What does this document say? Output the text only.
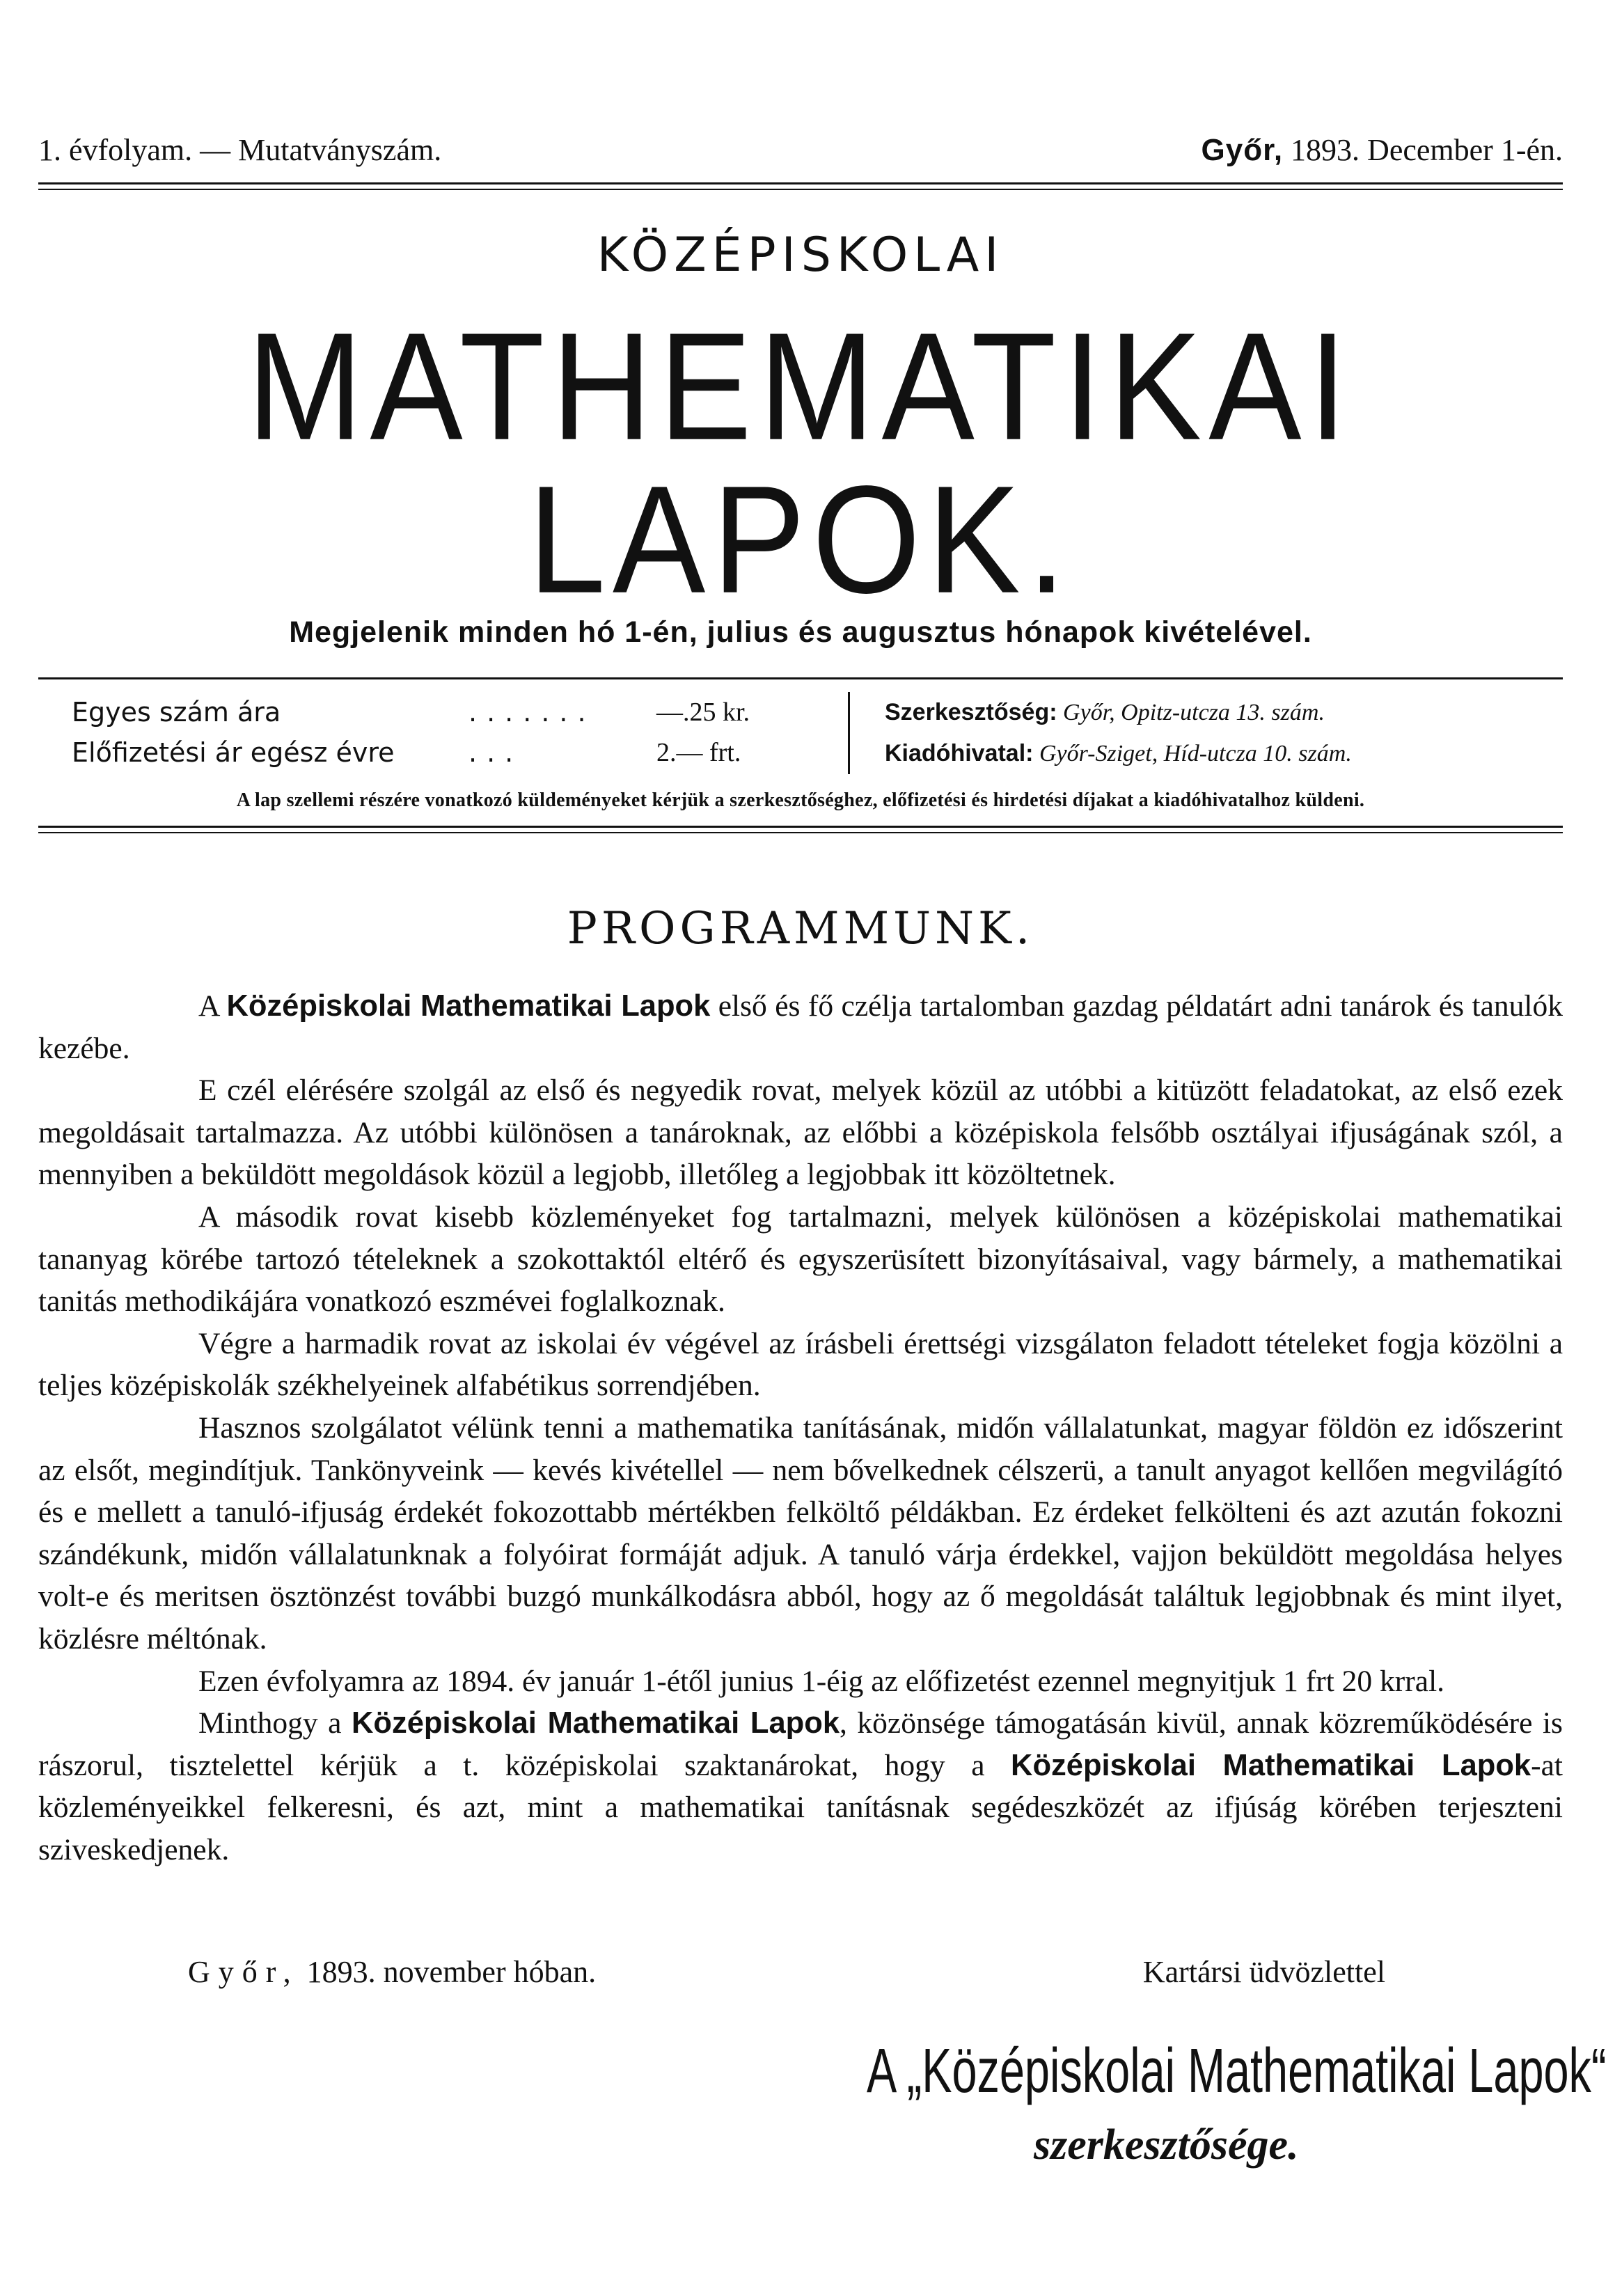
1. évfolyam. — Mutatványszám.	Győr, 1893. December 1-én.
KÖZÉPISKOLAI
MATHEMATIKAI LAPOK.
Megjelenik minden hó 1-én, julius és augusztus hónapok kivételével.
Egyes szám ára	.......	—.25 kr.
Előfizetési ár egész évre	...	2.— frt.
Szerkesztőség: Győr, Opitz-utcza 13. szám.
Kiadóhivatal: Győr-Sziget, Híd-utcza 10. szám.
A lap szellemi részére vonatkozó küldeményeket kérjük a szerkesztőséghez, előfizetési és hirdetési díjakat a kiadóhivatalhoz küldeni.
PROGRAMMUNK.

A Középiskolai Mathematikai Lapok első és fő czélja tartalomban gazdag példatárt adni tanárok és tanulók kezébe.

E czél elérésére szolgál az első és negyedik rovat, melyek közül az utóbbi a kitüzött feladatokat, az első ezek megoldásait tartalmazza. Az utóbbi különösen a tanároknak, az előbbi a középiskola felsőbb osztályai ifjuságának szól, a mennyiben a beküldött megoldások közül a legjobb, illetőleg a legjobbak itt közöltetnek.

A második rovat kisebb közleményeket fog tartalmazni, melyek különösen a középiskolai mathematikai tananyag körébe tartozó tételeknek a szokottaktól eltérő és egyszerüsített bizonyításaival, vagy bármely, a mathematikai tanitás methodikájára vonatkozó eszmévei foglalkoznak.

Végre a harmadik rovat az iskolai év végével az írásbeli érettségi vizsgálaton feladott tételeket fogja közölni a teljes középiskolák székhelyeinek alfabétikus sorrendjében.

Hasznos szolgálatot vélünk tenni a mathematika tanításának, midőn vállalatunkat, magyar földön ez időszerint az elsőt, megindítjuk. Tankönyveink — kevés kivétellel — nem bővelkednek célszerü, a tanult anyagot kellően megvilágító és e mellett a tanuló-ifjuság érdekét fokozottabb mértékben felköltő példákban. Ez érdeket felkölteni és azt azután fokozni szándékunk, midőn vállalatunknak a folyóirat formáját adjuk. A tanuló várja érdekkel, vajjon beküldött megoldása helyes volt-e és meritsen ösztönzést további buzgó munkálkodásra abból, hogy az ő megoldását találtuk legjobbnak és mint ilyet, közlésre méltónak.

Ezen évfolyamra az 1894. év január 1-étől junius 1-éig az előfizetést ezennel megnyitjuk 1 frt 20 krral.

Minthogy a Középiskolai Mathematikai Lapok, közönsége támogatásán kivül, annak közreműködésére is rászorul, tisztelettel kérjük a t. középiskolai szaktanárokat, hogy a Középiskolai Mathematikai Lapok-at közleményeikkel felkeresni, és azt, mint a mathematikai tanításnak segédeszközét az ifjúság körében terjeszteni sziveskedjenek.

Győr, 1893. november hóban.	Kartársi üdvözlettel
A „Középiskolai Mathematikai Lapok“
szerkesztősége.
